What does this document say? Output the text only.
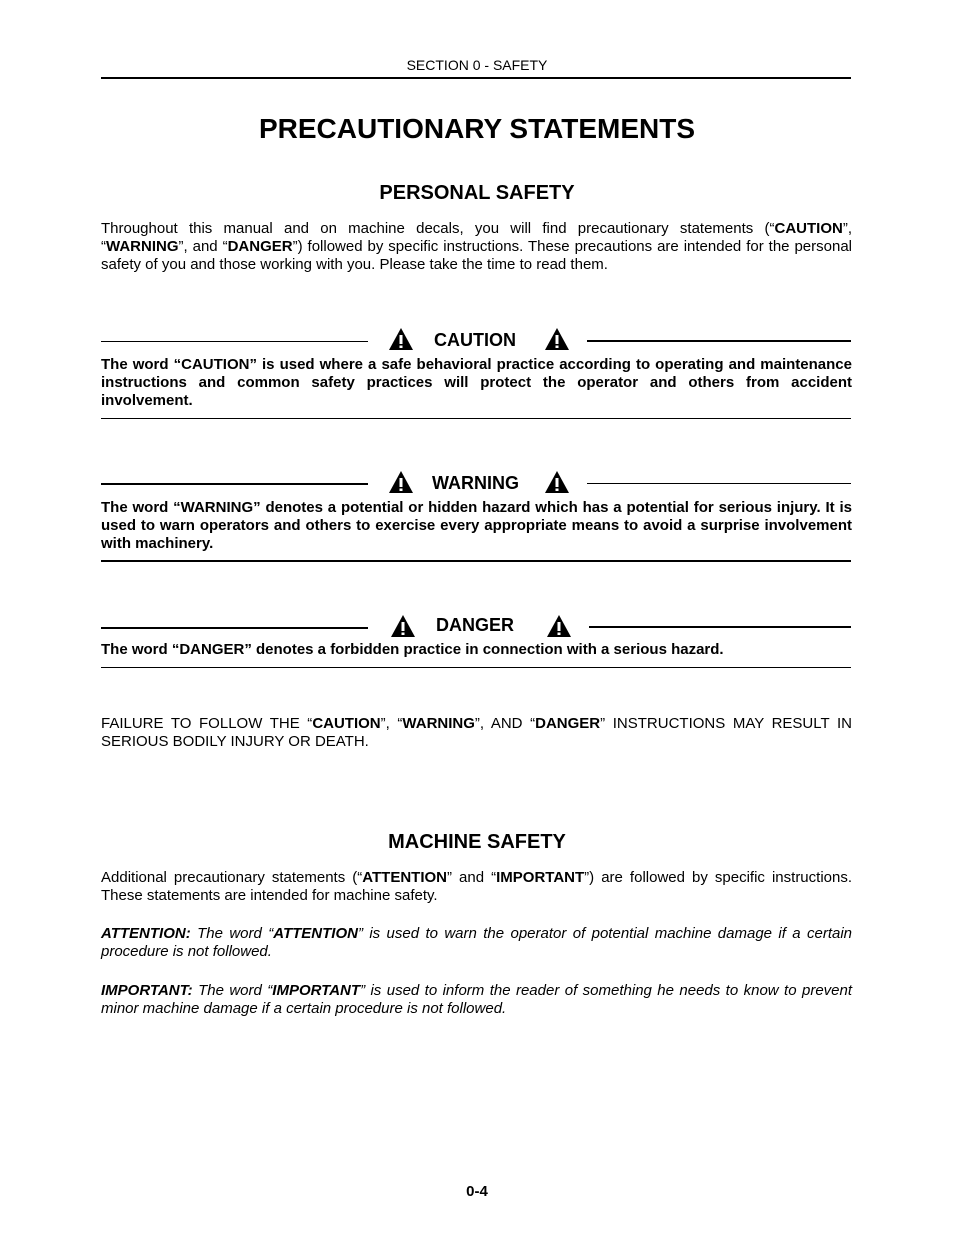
SECTION 0 - SAFETY
PRECAUTIONARY STATEMENTS
PERSONAL SAFETY

Throughout this manual and on machine decals, you will find precautionary statements (“CAUTION”, “WARNING”, and “DANGER”) followed by specific instructions. These precautions are intended for the personal safety of you and those working with you. Please take the time to read them.

CAUTION

The word “CAUTION” is used where a safe behavioral practice according to operating and maintenance instructions and common safety practices will protect the operator and others from accident involvement.

WARNING

The word “WARNING” denotes a potential or hidden hazard which has a potential for serious injury. It is used to warn operators and others to exercise every appropriate means to avoid a surprise involvement with machinery.

DANGER

The word “DANGER” denotes a forbidden practice in connection with a serious hazard.

FAILURE TO FOLLOW THE “CAUTION”, “WARNING”, AND “DANGER” INSTRUCTIONS MAY RESULT IN SERIOUS BODILY INJURY OR DEATH.

MACHINE SAFETY

Additional precautionary statements (“ATTENTION” and “IMPORTANT”) are followed by specific instructions. These statements are intended for machine safety.

ATTENTION: The word “ATTENTION” is used to warn the operator of potential machine damage if a certain procedure is not followed.

IMPORTANT: The word “IMPORTANT” is used to inform the reader of something he needs to know to prevent minor machine damage if a certain procedure is not followed.

0-4
